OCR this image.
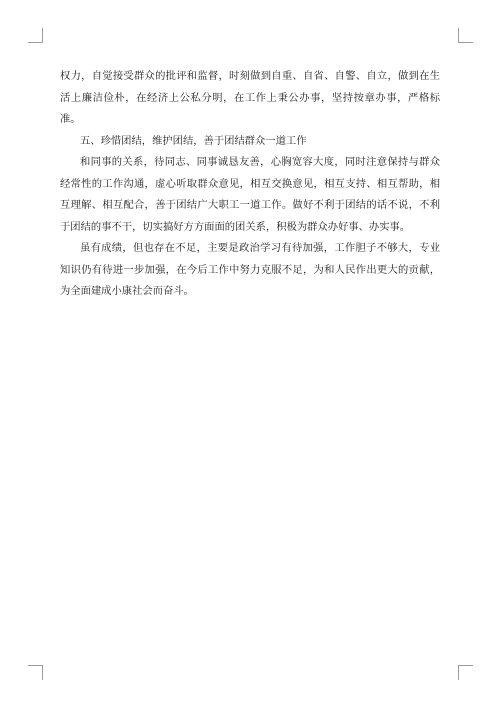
权力，自觉接受群众的批评和监督，时刻做到自重、自省、自警、自立，做到在生活上廉洁俭朴，在经济上公私分明，在工作上秉公办事，坚持按章办事，严格标准。

五、珍惜团结，维护团结，善于团结群众一道工作

和同事的关系，待同志、同事诚恳友善，心胸宽容大度，同时注意保持与群众经常性的工作沟通，虚心听取群众意见，相互交换意见，相互支持、相互帮助，相互理解、相互配合，善于团结广大职工一道工作。做好不利于团结的话不说，不利于团结的事不干，切实搞好方方面面的团关系，积极为群众办好事、办实事。

虽有成绩，但也存在不足，主要是政治学习有待加强，工作胆子不够大，专业知识仍有待进一步加强，在今后工作中努力克服不足，为和人民作出更大的贡献，为全面建成小康社会而奋斗。
